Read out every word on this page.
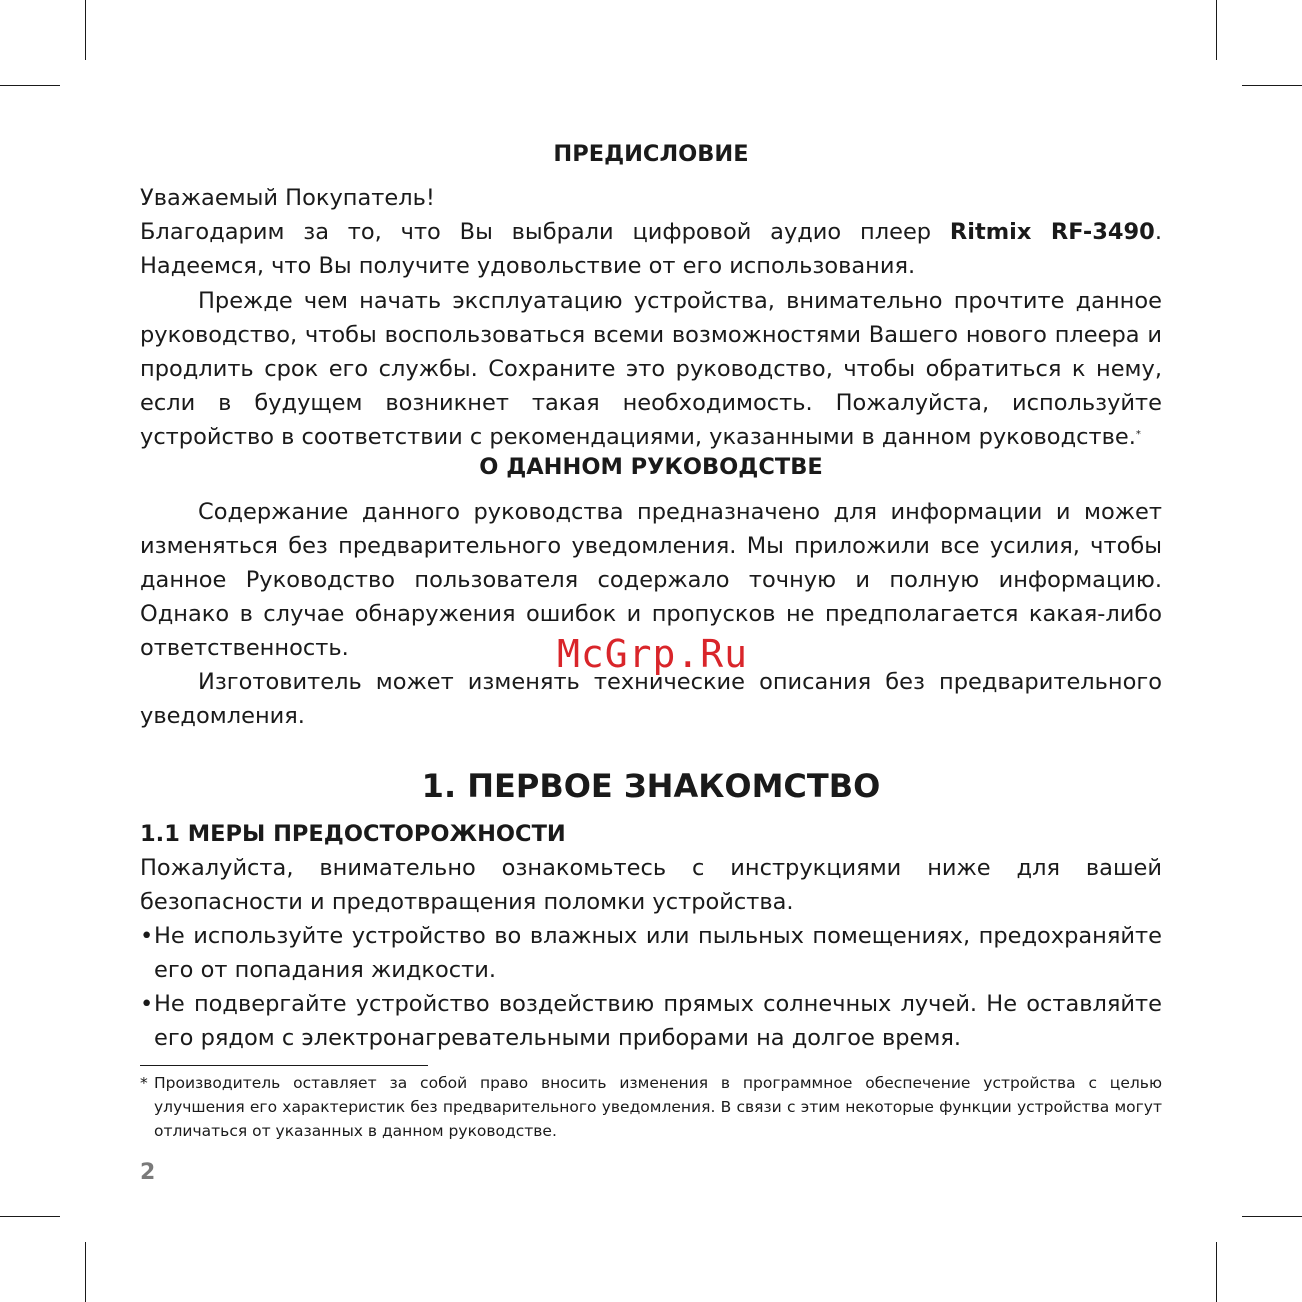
ПРЕДИСЛОВИЕ

Уважаемый Покупатель!

Благодарим за то, что Вы выбрали цифровой аудио плеер Ritmix RF-3490. Надеемся, что Вы получите удовольствие от его использования.

Прежде чем начать эксплуатацию устройства, внимательно прочтите данное руководство, чтобы воспользоваться всеми возможностями Вашего нового плеера и продлить срок его службы. Сохраните это руководство, чтобы обратиться к нему, если в будущем возникнет такая необходимость. Пожалуйста, используйте устройство в соответствии с рекомендациями, указанными в данном руководстве.*

О ДАННОМ РУКОВОДСТВЕ

Содержание данного руководства предназначено для информации и может изменяться без предварительного уведомления. Мы приложили все усилия, чтобы данное Руководство пользователя содержало точную и полную информацию. Однако в случае обнаружения ошибок и пропусков не предполагается какая-либо ответственность.

Изготовитель может изменять технические описания без предварительного уведомления.

1. ПЕРВОЕ ЗНАКОМСТВО
1.1 МЕРЫ ПРЕДОСТОРОЖНОСТИ

Пожалуйста, внимательно ознакомьтесь с инструкциями ниже для вашей безопасности и предотвращения поломки устройства.

• Не используйте устройство во влажных или пыльных помещениях, предохраняйте его от попадания жидкости.

• Не подвергайте устройство воздействию прямых солнечных лучей. Не оставляйте его рядом с электронагревательными приборами на долгое время.

* Производитель оставляет за собой право вносить изменения в программное обеспечение устройства с целью улучшения его характеристик без предварительного уведомления. В связи с этим некоторые функции устройства могут отличаться от указанных в данном руководстве.
2
McGrp.Ru
